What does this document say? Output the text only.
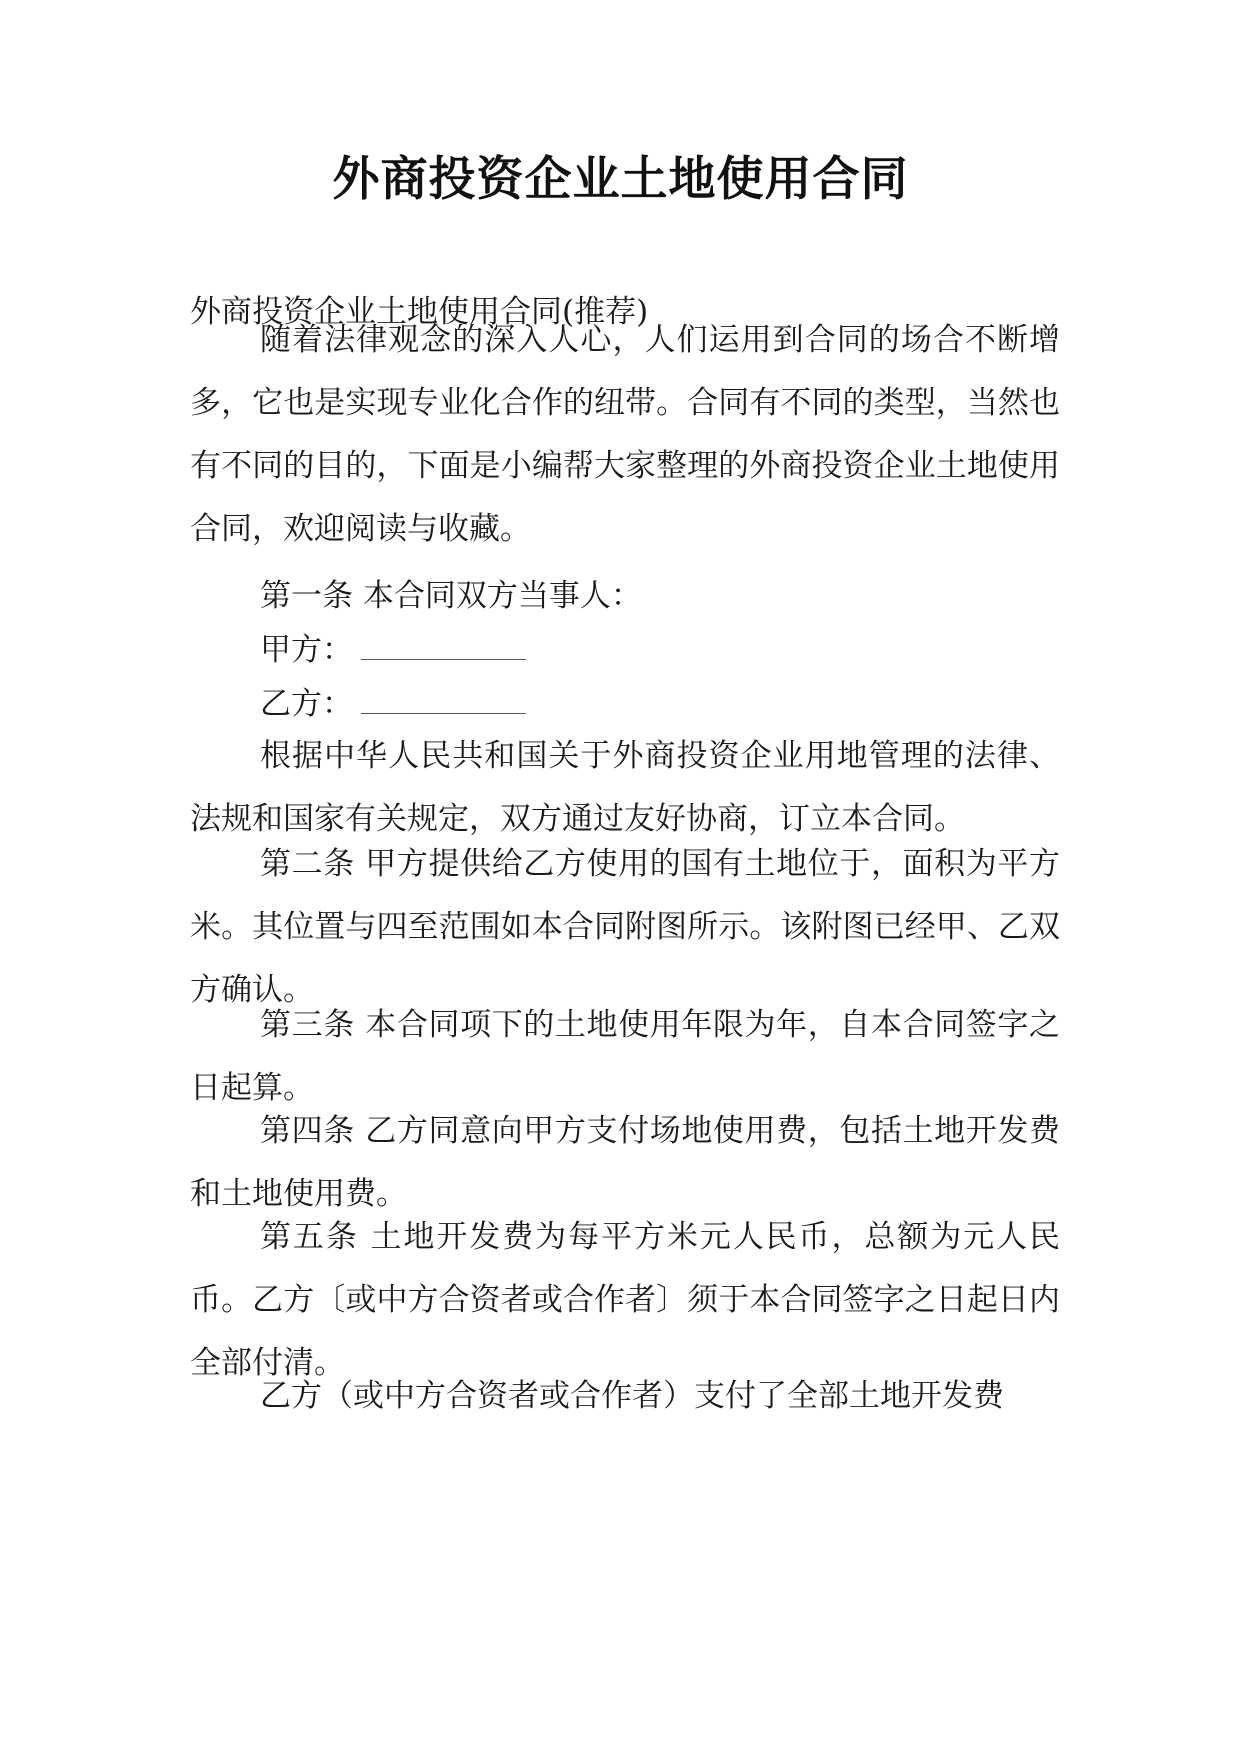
外商投资企业土地使用合同
外商投资企业土地使用合同(推荐)
随着法律观念的深入人心，人们运用到合同的场合不断增多，它也是实现专业化合作的纽带。合同有不同的类型，当然也有不同的目的，下面是小编帮大家整理的外商投资企业土地使用合同，欢迎阅读与收藏。
第一条 本合同双方当事人：
甲方：
乙方：
根据中华人民共和国关于外商投资企业用地管理的法律、法规和国家有关规定，双方通过友好协商，订立本合同。
第二条 甲方提供给乙方使用的国有土地位于，面积为平方米。其位置与四至范围如本合同附图所示。该附图已经甲、乙双方确认。
第三条 本合同项下的土地使用年限为年，自本合同签字之日起算。
第四条 乙方同意向甲方支付场地使用费，包括土地开发费和土地使用费。
第五条 土地开发费为每平方米元人民币，总额为元人民币。乙方〔或中方合资者或合作者〕须于本合同签字之日起日内全部付清。
乙方（或中方合资者或合作者）支付了全部土地开发费
